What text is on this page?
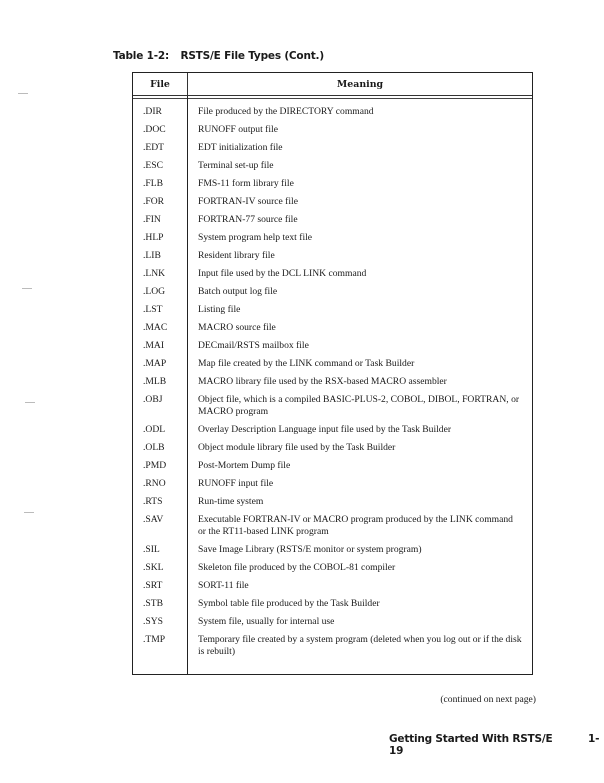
Table 1-2: RSTS/E File Types (Cont.)
File	Meaning
.DIR	File produced by the DIRECTORY command
.DOC	RUNOFF output file
.EDT	EDT initialization file
.ESC	Terminal set-up file
.FLB	FMS-11 form library file
.FOR	FORTRAN-IV source file
.FIN	FORTRAN-77 source file
.HLP	System program help text file
.LIB	Resident library file
.LNK	Input file used by the DCL LINK command
.LOG	Batch output log file
.LST	Listing file
.MAC	MACRO source file
.MAI	DECmail/RSTS mailbox file
.MAP	Map file created by the LINK command or Task Builder
.MLB	MACRO library file used by the RSX-based MACRO assembler
.OBJ	Object file, which is a compiled BASIC-PLUS-2, COBOL, DIBOL, FORTRAN, or MACRO program
.ODL	Overlay Description Language input file used by the Task Builder
.OLB	Object module library file used by the Task Builder
.PMD	Post-Mortem Dump file
.RNO	RUNOFF input file
.RTS	Run-time system
.SAV	Executable FORTRAN-IV or MACRO program produced by the LINK command or the RT11-based LINK program
.SIL	Save Image Library (RSTS/E monitor or system program)
.SKL	Skeleton file produced by the COBOL-81 compiler
.SRT	SORT-11 file
.STB	Symbol table file produced by the Task Builder
.SYS	System file, usually for internal use
.TMP	Temporary file created by a system program (deleted when you log out or if the disk is rebuilt)
(continued on next page)
Getting Started With RSTS/E	1-19
